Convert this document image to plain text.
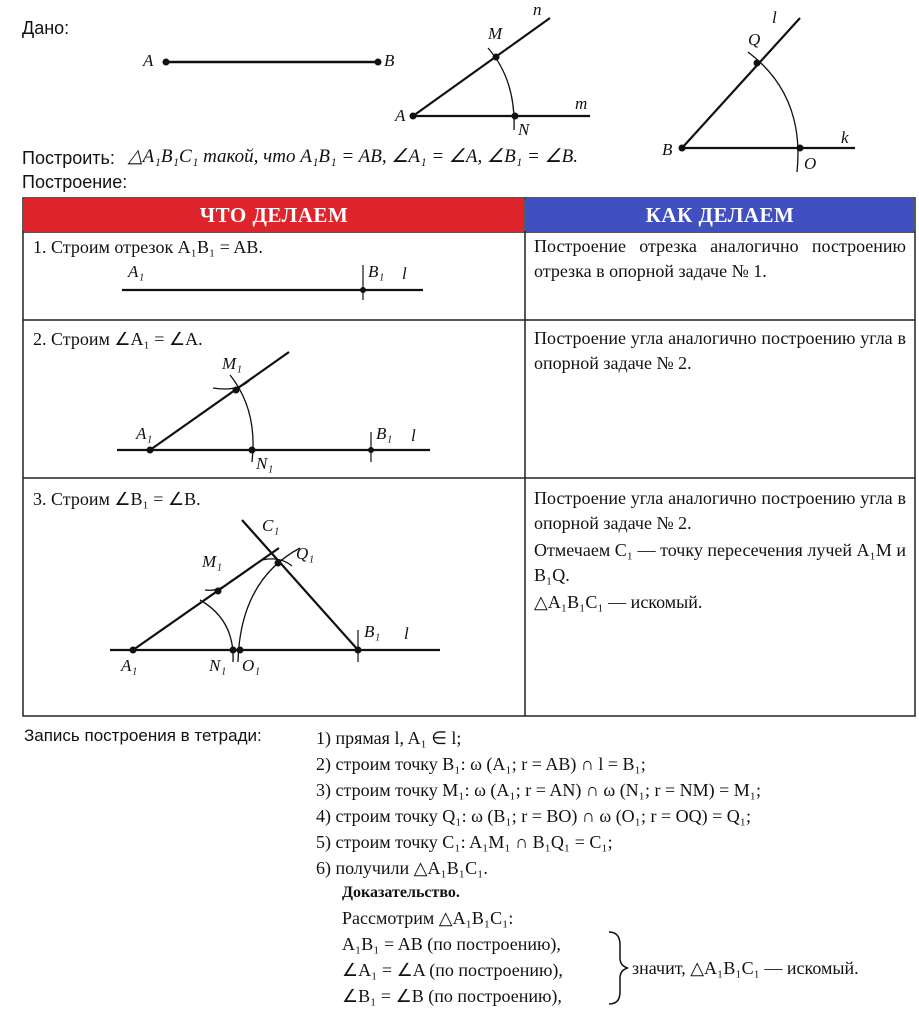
Дано:
A	B
A
n
m
M
N
B
l
k
Q
O
Построить: △A₁B₁C₁ такой, что A₁B₁ = AB, ∠A₁ = ∠A, ∠B₁ = ∠B.
Построение:
ЧТО ДЕЛАЕМ	КАК ДЕЛАЕМ
1. Строим отрезок A₁B₁ = AB.	Построение отрезка аналогично построению отрезка в опорной задаче № 1.
A₁	B₁ l
2. Строим ∠A₁ = ∠A.	Построение угла аналогично построению угла в опорной задаче № 2.
M₁
A₁
N₁
B₁ l
3. Строим ∠B₁ = ∠B.	Построение угла аналогично построению угла в опорной задаче № 2.
Отмечаем C₁ — точку пересечения лучей A₁M и B₁Q.
△A₁B₁C₁ — искомый.
C₁
M₁	Q₁
A₁	N₁ O₁
B₁ l
Запись построения в тетради:	1) прямая l, A₁ ∈ l;
2) строим точку B₁: ω (A₁; r = AB) ∩ l = B₁;
3) строим точку M₁: ω (A₁; r = AN) ∩ ω (N₁; r = NM) = M₁;
4) строим точку Q₁: ω (B₁; r = BO) ∩ ω (O₁; r = OQ) = Q₁;
5) строим точку C₁: A₁M₁ ∩ B₁Q₁ = C₁;
6) получили △A₁B₁C₁.
Доказательство.
Рассмотрим △A₁B₁C₁:
A₁B₁ = AB (по построению),
∠A₁ = ∠A (по построению),
∠B₁ = ∠B (по построению),
значит, △A₁B₁C₁ — искомый.
